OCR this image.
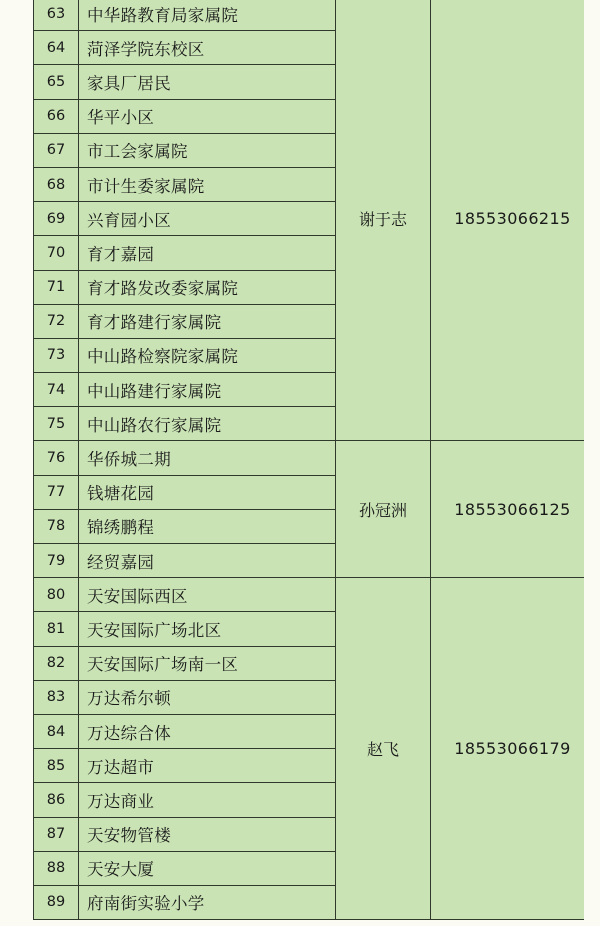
63	中华路教育局家属院	谢于志	18553066215
64	菏泽学院东校区		
65	家具厂居民		
66	华平小区		
67	市工会家属院		
68	市计生委家属院		
69	兴育园小区		
70	育才嘉园		
71	育才路发改委家属院		
72	育才路建行家属院		
73	中山路检察院家属院		
74	中山路建行家属院		
75	中山路农行家属院		
76	华侨城二期	孙冠洲	18553066125
77	钱塘花园		
78	锦绣鹏程		
79	经贸嘉园		
80	天安国际西区	赵飞	18553066179
81	天安国际广场北区		
82	天安国际广场南一区		
83	万达希尔顿		
84	万达综合体		
85	万达超市		
86	万达商业		
87	天安物管楼		
88	天安大厦		
89	府南街实验小学		
